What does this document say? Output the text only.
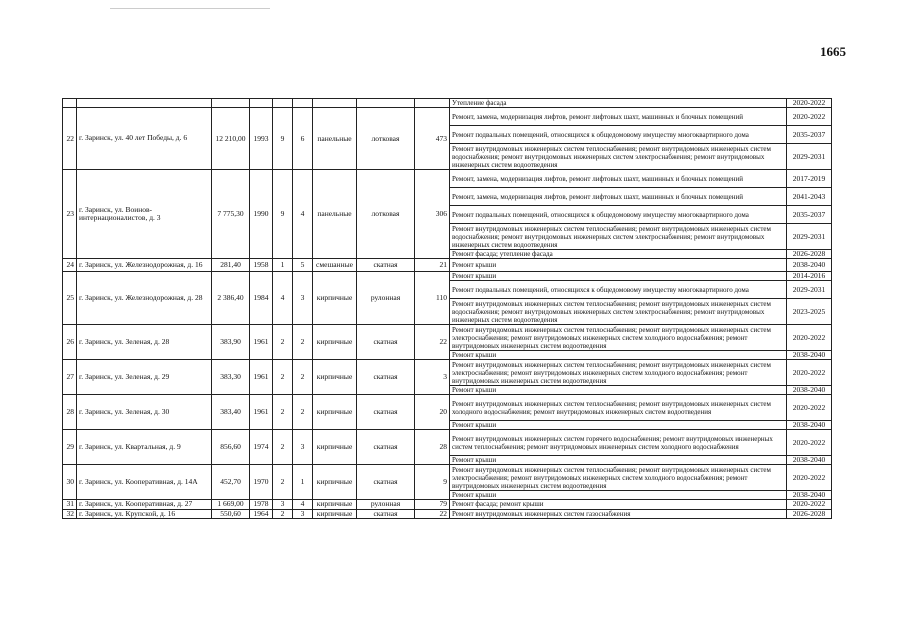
1665
									Утепление фасада	2020-2022
22	г. Заринск, ул. 40 лет Победы, д. 6	12 210,00	1993	9	6	панельные	лотковая	473	Ремонт, замена, модернизация лифтов, ремонт лифтовых шахт, машинных и блочных помещений	2020-2022
									Ремонт подвальных помещений, относящихся к общедомовому имуществу многоквартирного дома	2035-2037
									Ремонт внутридомовых инженерных систем теплоснабжения; ремонт внутридомовых инженерных систем водоснабжения; ремонт внутридомовых инженерных систем электроснабжения; ремонт внутридомовых инженерных систем водоотведения	2029-2031
23	г. Заринск, ул. Воинов-интернационалистов, д. 3	7 775,30	1990	9	4	панельные	лотковая	306	Ремонт, замена, модернизация лифтов, ремонт лифтовых шахт, машинных и блочных помещений	2017-2019
									Ремонт, замена, модернизация лифтов, ремонт лифтовых шахт, машинных и блочных помещений	2041-2043
									Ремонт подвальных помещений, относящихся к общедомовому имуществу многоквартирного дома	2035-2037
									Ремонт внутридомовых инженерных систем теплоснабжения; ремонт внутридомовых инженерных систем водоснабжения; ремонт внутридомовых инженерных систем электроснабжения; ремонт внутридомовых инженерных систем водоотведения	2029-2031
									Ремонт фасада; утепление фасада	2026-2028
24	г. Заринск, ул. Железнодорожная, д. 16	281,40	1958	1	5	смешанные	скатная	21	Ремонт крыши	2038-2040
25	г. Заринск, ул. Железнодорожная, д. 28	2 386,40	1984	4	3	кирпичные	рулонная	110	Ремонт крыши	2014-2016
									Ремонт подвальных помещений, относящихся к общедомовому имуществу многоквартирного дома	2029-2031
									Ремонт внутридомовых инженерных систем теплоснабжения; ремонт внутридомовых инженерных систем водоснабжения; ремонт внутридомовых инженерных систем электроснабжения; ремонт внутридомовых инженерных систем водоотведения	2023-2025
26	г. Заринск, ул. Зеленая, д. 28	383,90	1961	2	2	кирпичные	скатная	22	Ремонт внутридомовых инженерных систем теплоснабжения; ремонт внутридомовых инженерных систем электроснабжения; ремонт внутридомовых инженерных систем холодного водоснабжения; ремонт внутридомовых инженерных систем водоотведения	2020-2022
									Ремонт крыши	2038-2040
27	г. Заринск, ул. Зеленая, д. 29	383,30	1961	2	2	кирпичные	скатная	3	Ремонт внутридомовых инженерных систем теплоснабжения; ремонт внутридомовых инженерных систем электроснабжения; ремонт внутридомовых инженерных систем холодного водоснабжения; ремонт внутридомовых инженерных систем водоотведения	2020-2022
									Ремонт крыши	2038-2040
28	г. Заринск, ул. Зеленая, д. 30	383,40	1961	2	2	кирпичные	скатная	20	Ремонт внутридомовых инженерных систем теплоснабжения; ремонт внутридомовых инженерных систем холодного водоснабжения; ремонт внутридомовых инженерных систем водоотведения	2020-2022
									Ремонт крыши	2038-2040
29	г. Заринск, ул. Квартальная, д. 9	856,60	1974	2	3	кирпичные	скатная	28	Ремонт внутридомовых инженерных систем горячего водоснабжения; ремонт внутридомовых инженерных систем теплоснабжения; ремонт внутридомовых инженерных систем холодного водоснабжения	2020-2022
									Ремонт крыши	2038-2040
30	г. Заринск, ул. Кооперативная, д. 14А	452,70	1970	2	1	кирпичные	скатная	9	Ремонт внутридомовых инженерных систем теплоснабжения; ремонт внутридомовых инженерных систем электроснабжения; ремонт внутридомовых инженерных систем холодного водоснабжения; ремонт внутридомовых инженерных систем водоотведения	2020-2022
									Ремонт крыши	2038-2040
31	г. Заринск, ул. Кооперативная, д. 27	1 669,00	1978	3	4	кирпичные	рулонная	79	Ремонт фасада; ремонт крыши	2020-2022
32	г. Заринск, ул. Крупской, д. 16	550,60	1964	2	3	кирпичные	скатная	22	Ремонт внутридомовых инженерных систем газоснабжения	2026-2028
